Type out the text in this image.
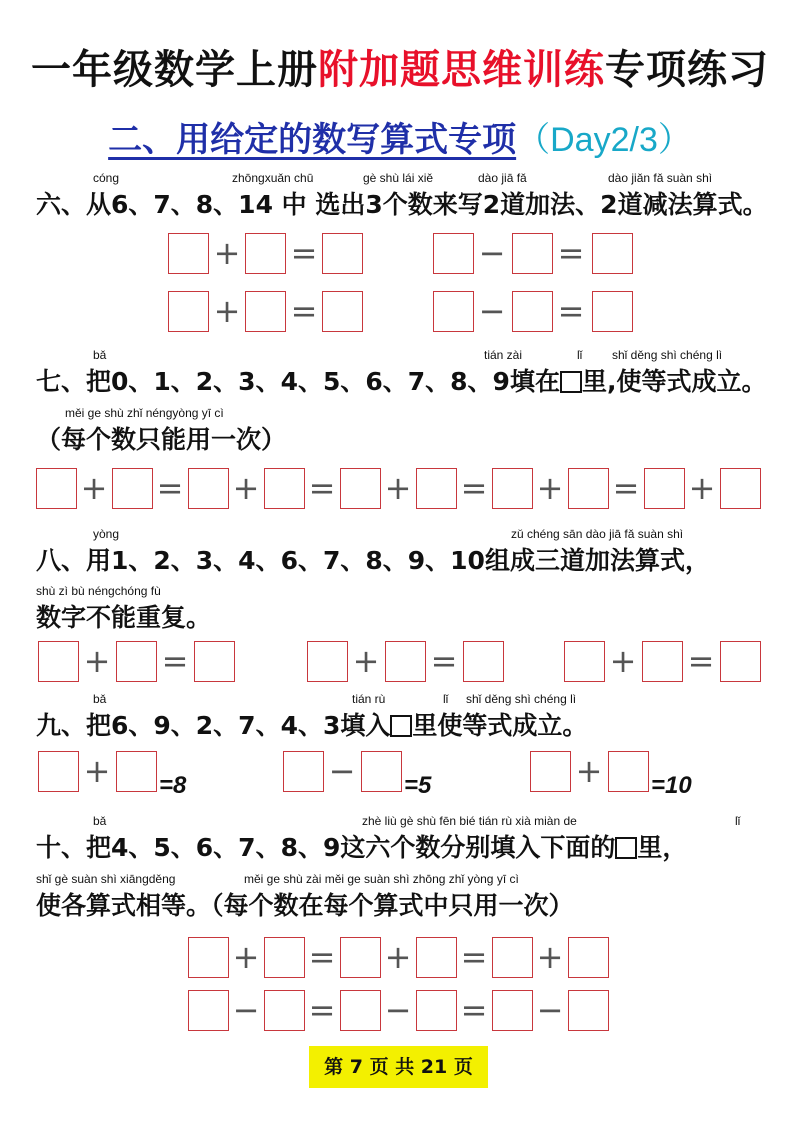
一年级数学上册附加题思维训练专项练习
二、用给定的数写算式专项（Day2/3）
cóng	zhōngxuǎn chū	gè shù lái xiě	dào jiā fǎ	dào jiǎn fǎ suàn shì
六、从6、7、8、14 中 选出3个数来写2道加法、2道减法算式。
+ =	− =
+ =	− =
bǎ	tián zài	lǐ shǐ děng shì chéng lì
七、把0、1、2、3、4、5、6、7、8、9填在 里,使等式成立。
měi ge shù zhǐ néngyòng yī cì
（每个数只能用一次）
+ = + = + = + = +
yòng	zǔ chéng sān dào jiā fǎ suàn shì
八、用1、2、3、4、6、7、8、9、10组成三道加法算式，
shù zì bù néngchóng fù
数字不能重复。
+ =	+ =	+ =
bǎ	tián rù	lǐ shǐ děng shì chéng lì
九、把6、9、2、7、4、3填入 里使等式成立。
+ =8	− =5	+ =10
bǎ	zhè liù gè shù fēn bié tián rù xià miàn de	lǐ
十、把4、5、6、7、8、9这六个数分别填入下面的 里，
shǐ gè suàn shì xiāngděng	měi ge shù zài měi ge suàn shì zhōng zhǐ yòng yī cì
使各算式相等。（每个数在每个算式中只用一次）
+ = + = +
− = − = −
第 7 页 共 21 页
